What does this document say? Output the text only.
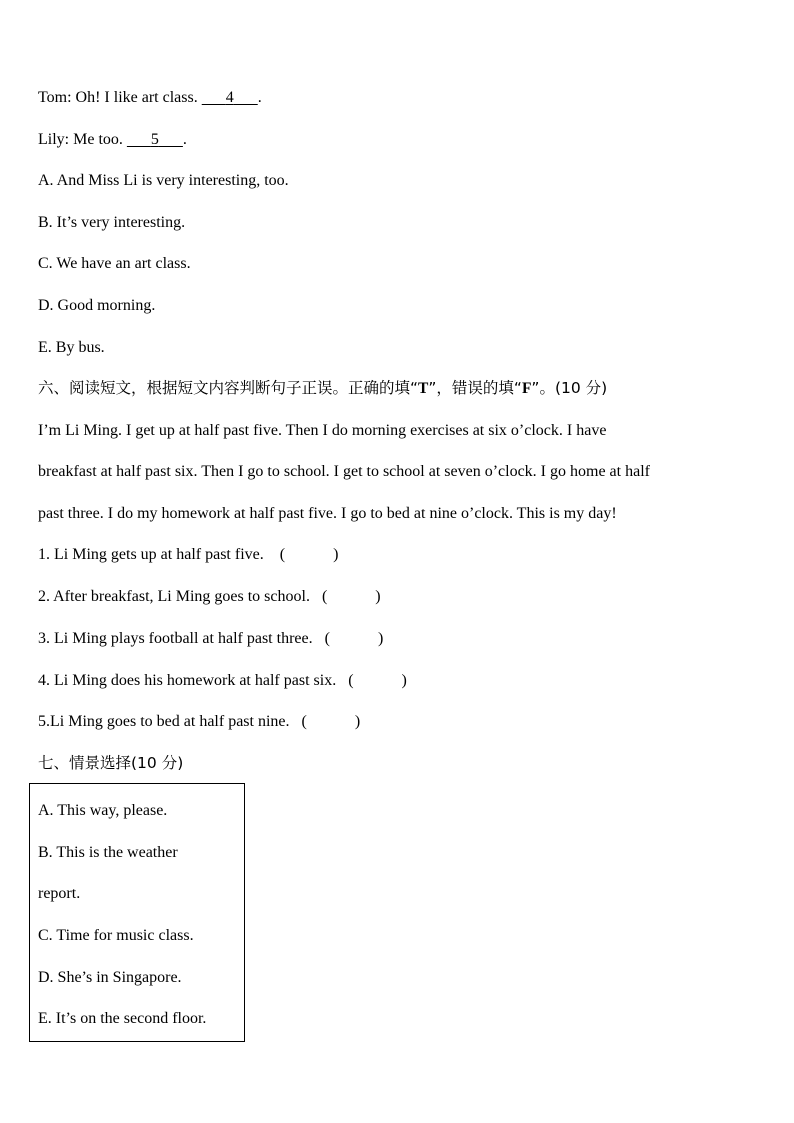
Tom: Oh! I like art class. 4 .
Lily: Me too. 5 .
A. And Miss Li is very interesting, too.
B. It’s very interesting.
C. We have an art class.
D. Good morning.
E. By bus.
六、阅读短文，根据短文内容判断句子正误。正确的填“T”，错误的填“F”。(10 分)
I’m Li Ming. I get up at half past five. Then I do morning exercises at six o’clock. I have
breakfast at half past six. Then I go to school. I get to school at seven o’clock. I go home at half
past three. I do my homework at half past five. I go to bed at nine o’clock. This is my day!
1. Li Ming gets up at half past five.    (            )
2. After breakfast, Li Ming goes to school.   (            )
3. Li Ming plays football at half past three.   (            )
4. Li Ming does his homework at half past six.   (            )
5.Li Ming goes to bed at half past nine.   (            )
七、情景选择(10 分)
A. This way, please.
B. This is the weather
report.
C. Time for music class.
D. She’s in Singapore.
E. It’s on the second floor.
